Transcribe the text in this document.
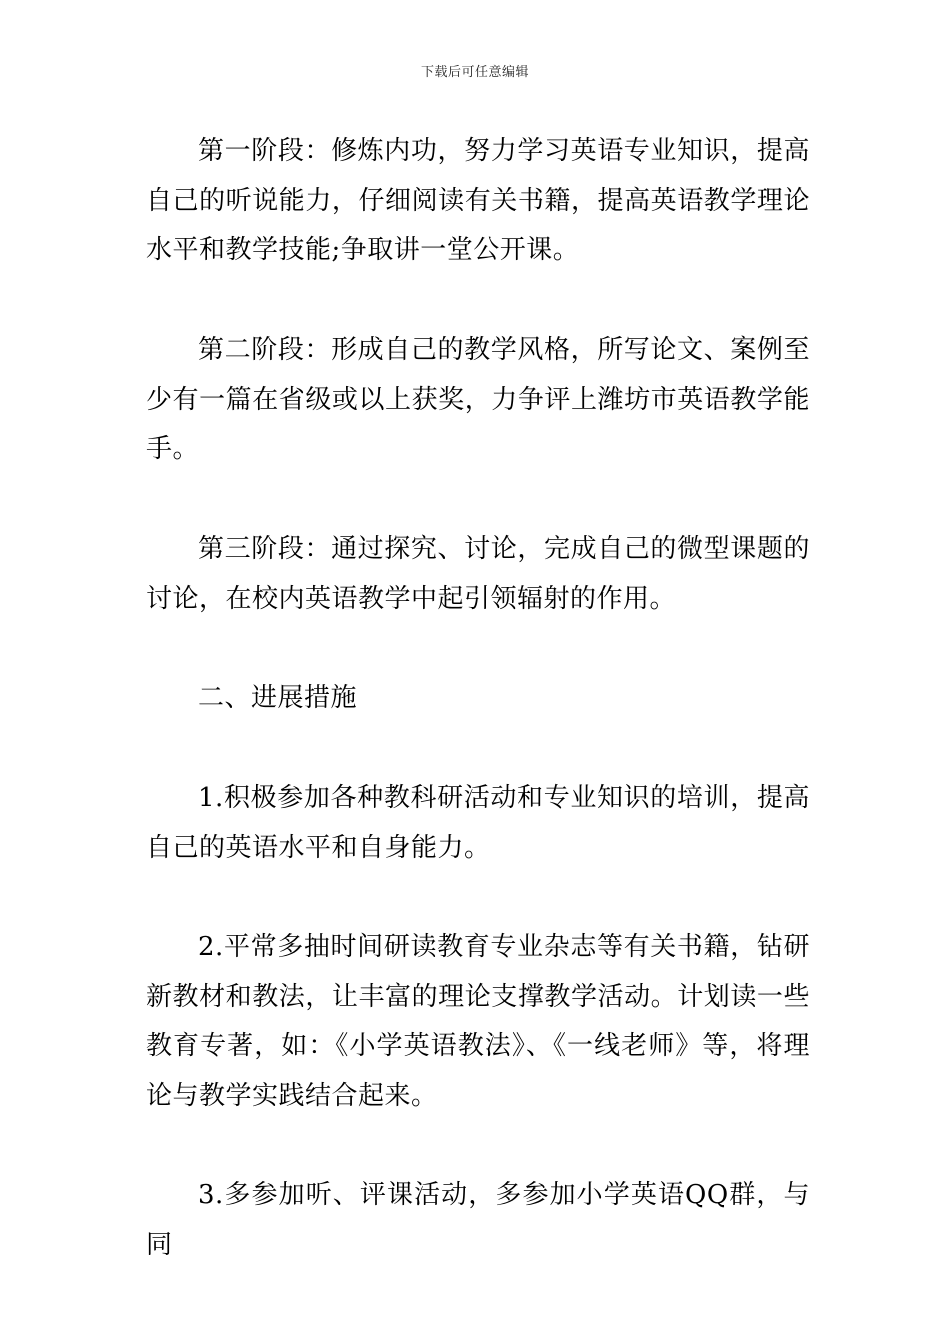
下载后可任意编辑

第一阶段：修炼内功，努力学习英语专业知识，提高自己的听说能力，仔细阅读有关书籍，提高英语教学理论水平和教学技能;争取讲一堂公开课。

第二阶段：形成自己的教学风格，所写论文、案例至少有一篇在省级或以上获奖，力争评上潍坊市英语教学能手。

第三阶段：通过探究、讨论，完成自己的微型课题的讨论，在校内英语教学中起引领辐射的作用。

二、进展措施

1.积极参加各种教科研活动和专业知识的培训，提高自己的英语水平和自身能力。

2.平常多抽时间研读教育专业杂志等有关书籍，钻研新教材和教法，让丰富的理论支撑教学活动。计划读一些教育专著，如：《小学英语教法》、《一线老师》等，将理论与教学实践结合起来。

3.多参加听、评课活动，多参加小学英语QQ群，与同
